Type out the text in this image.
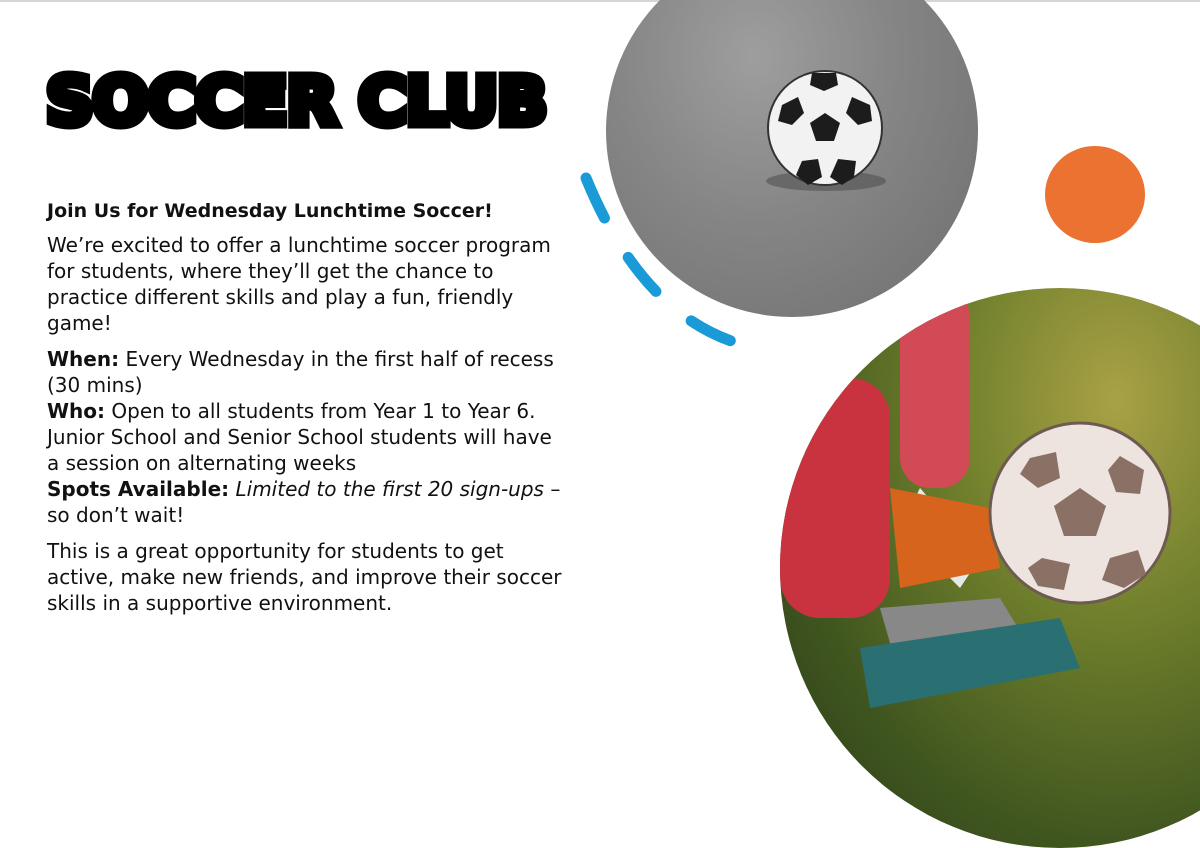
SOCCER CLUB

Join Us for Wednesday Lunchtime Soccer!

We’re excited to offer a lunchtime soccer program for students, where they’ll get the chance to practice different skills and play a fun, friendly game!

When: Every Wednesday in the first half of recess (30 mins)

Who: Open to all students from Year 1 to Year 6. Junior School and Senior School students will have a session on alternating weeks

Spots Available: Limited to the first 20 sign-ups – so don’t wait!

This is a great opportunity for students to get active, make new friends, and improve their soccer skills in a supportive environment.
